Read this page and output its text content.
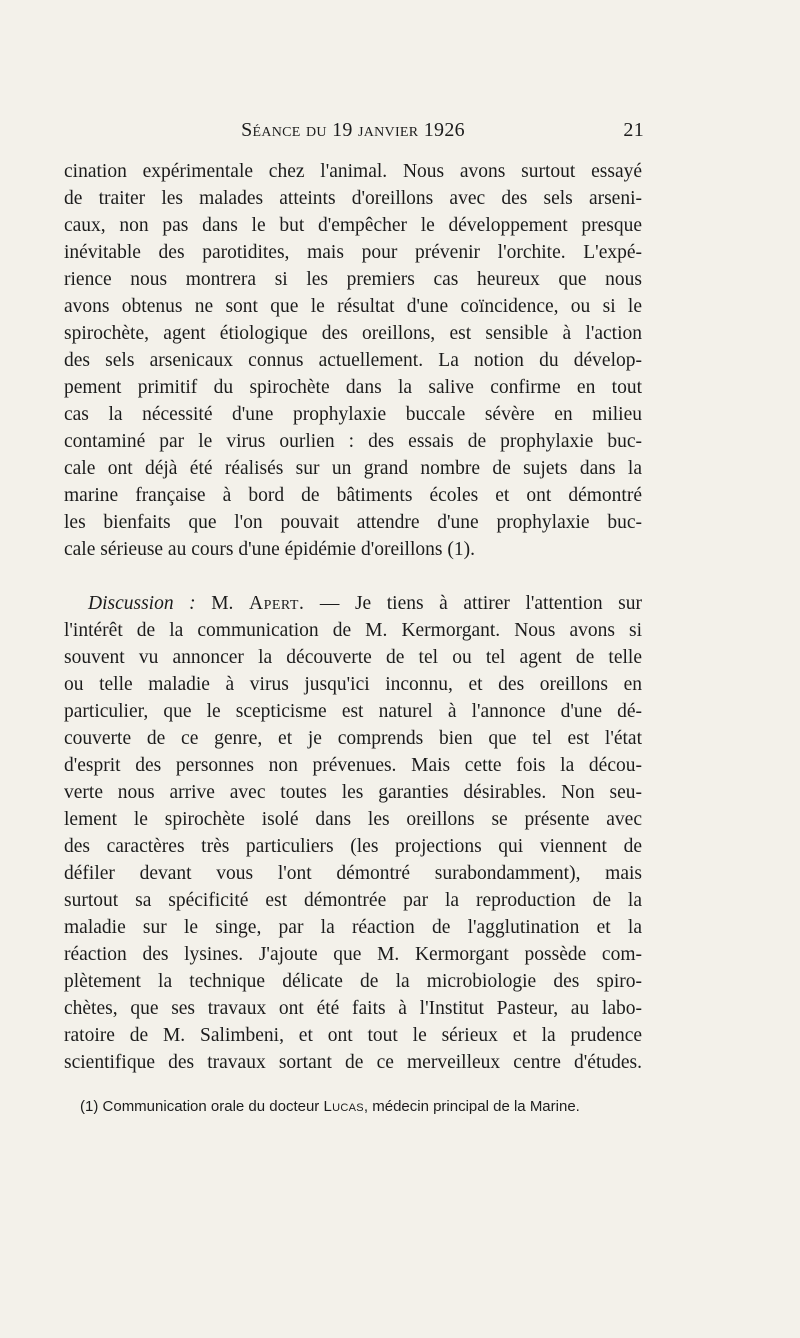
Séance du 19 janvier 1926	21
cination expérimentale chez l'animal. Nous avons surtout essayé
de traiter les malades atteints d'oreillons avec des sels arseni-
caux, non pas dans le but d'empêcher le développement presque
inévitable des parotidites, mais pour prévenir l'orchite. L'expé-
rience nous montrera si les premiers cas heureux que nous
avons obtenus ne sont que le résultat d'une coïncidence, ou si le
spirochète, agent étiologique des oreillons, est sensible à l'action
des sels arsenicaux connus actuellement. La notion du dévelop-
pement primitif du spirochète dans la salive confirme en tout
cas la nécessité d'une prophylaxie buccale sévère en milieu
contaminé par le virus ourlien : des essais de prophylaxie buc-
cale ont déjà été réalisés sur un grand nombre de sujets dans la
marine française à bord de bâtiments écoles et ont démontré
les bienfaits que l'on pouvait attendre d'une prophylaxie buc-
cale sérieuse au cours d'une épidémie d'oreillons (1).
Discussion : M. Apert. — Je tiens à attirer l'attention sur
l'intérêt de la communication de M. Kermorgant. Nous avons si
souvent vu annoncer la découverte de tel ou tel agent de telle
ou telle maladie à virus jusqu'ici inconnu, et des oreillons en
particulier, que le scepticisme est naturel à l'annonce d'une dé-
couverte de ce genre, et je comprends bien que tel est l'état
d'esprit des personnes non prévenues. Mais cette fois la décou-
verte nous arrive avec toutes les garanties désirables. Non seu-
lement le spirochète isolé dans les oreillons se présente avec
des caractères très particuliers (les projections qui viennent de
défiler devant vous l'ont démontré surabondamment), mais
surtout sa spécificité est démontrée par la reproduction de la
maladie sur le singe, par la réaction de l'agglutination et la
réaction des lysines. J'ajoute que M. Kermorgant possède com-
plètement la technique délicate de la microbiologie des spiro-
chètes, que ses travaux ont été faits à l'Institut Pasteur, au labo-
ratoire de M. Salimbeni, et ont tout le sérieux et la prudence
scientifique des travaux sortant de ce merveilleux centre d'études.
(1) Communication orale du docteur Lucas, médecin principal de la Marine.
